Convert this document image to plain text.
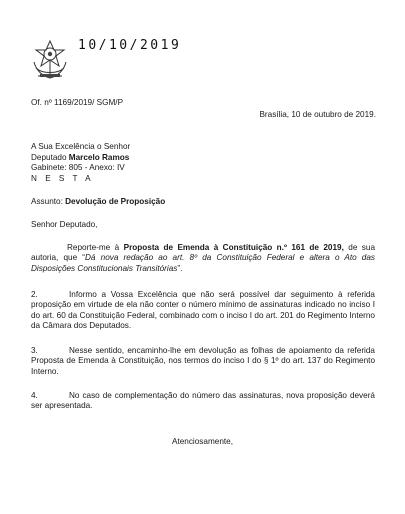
10/10/2019
Of. nº 1169/2019/ SGM/P
Brasília, 10 de outubro de 2019.
A Sua Excelência o Senhor
Deputado Marcelo Ramos
Gabinete: 805 - Anexo: IV
N E S T A
Assunto: Devolução de Proposição
Senhor Deputado,
Reporte-me à Proposta de Emenda à Constituição n.º 161 de 2019, de sua autoria, que “Dá nova redação ao art. 8º da Constituição Federal e altera o Ato das Disposições Constitucionais Transitórias”.
2.	Informo a Vossa Excelência que não será possível dar seguimento à referida proposição em virtude de ela não conter o número mínimo de assinaturas indicado no inciso I do art. 60 da Constituição Federal, combinado com o inciso I do art. 201 do Regimento Interno da Câmara dos Deputados.
3.	Nesse sentido, encaminho-lhe em devolução as folhas de apoiamento da referida Proposta de Emenda à Constituição, nos termos do inciso I do § 1º do art. 137 do Regimento Interno.
4.	No caso de complementação do número das assinaturas, nova proposição deverá ser apresentada.
Atenciosamente,
